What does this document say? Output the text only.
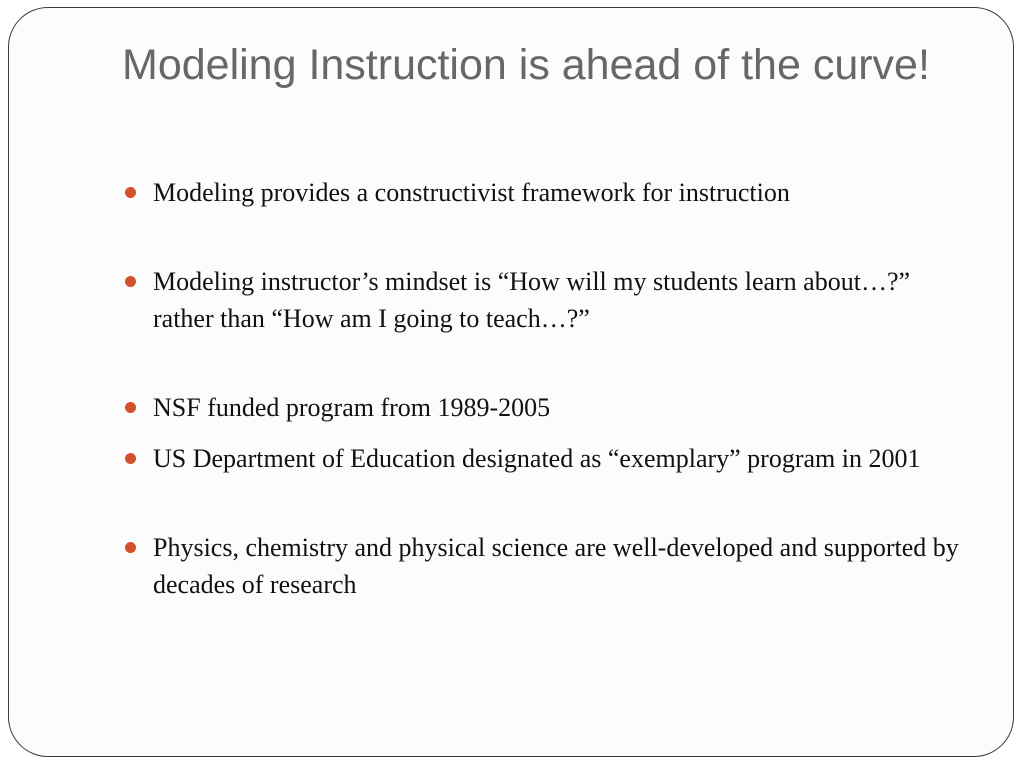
Modeling Instruction is ahead of the curve!
Modeling provides a constructivist framework for instruction
Modeling instructor’s mindset is “How will my students learn about…?” rather than “How am I going to teach…?”
NSF funded program from 1989-2005
US Department of Education designated as “exemplary” program in 2001
Physics, chemistry and physical science are well-developed and supported by decades of research
